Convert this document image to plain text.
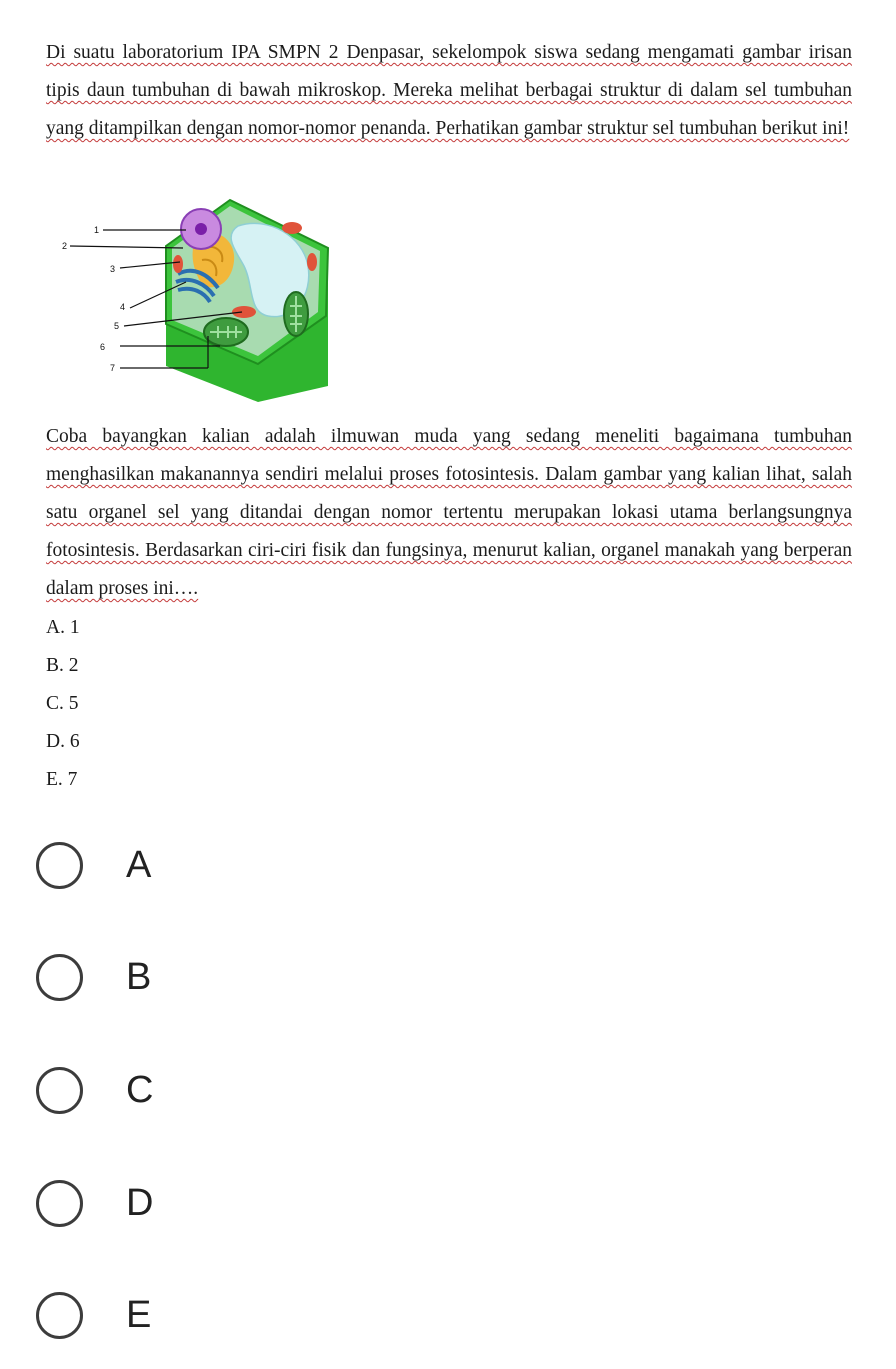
Di suatu laboratorium IPA SMPN 2 Denpasar, sekelompok siswa sedang mengamati gambar irisan tipis daun tumbuhan di bawah mikroskop. Mereka melihat berbagai struktur di dalam sel tumbuhan yang ditampilkan dengan nomor-nomor penanda. Perhatikan gambar struktur sel tumbuhan berikut ini!
1
2
3
4
5
6
7
Coba bayangkan kalian adalah ilmuwan muda yang sedang meneliti bagaimana tumbuhan menghasilkan makanannya sendiri melalui proses fotosintesis. Dalam gambar yang kalian lihat, salah satu organel sel yang ditandai dengan nomor tertentu merupakan lokasi utama berlangsungnya fotosintesis. Berdasarkan ciri-ciri fisik dan fungsinya, menurut kalian, organel manakah yang berperan dalam proses ini….
A. 1
B. 2
C. 5
D. 6
E. 7
A
B
C
D
E
